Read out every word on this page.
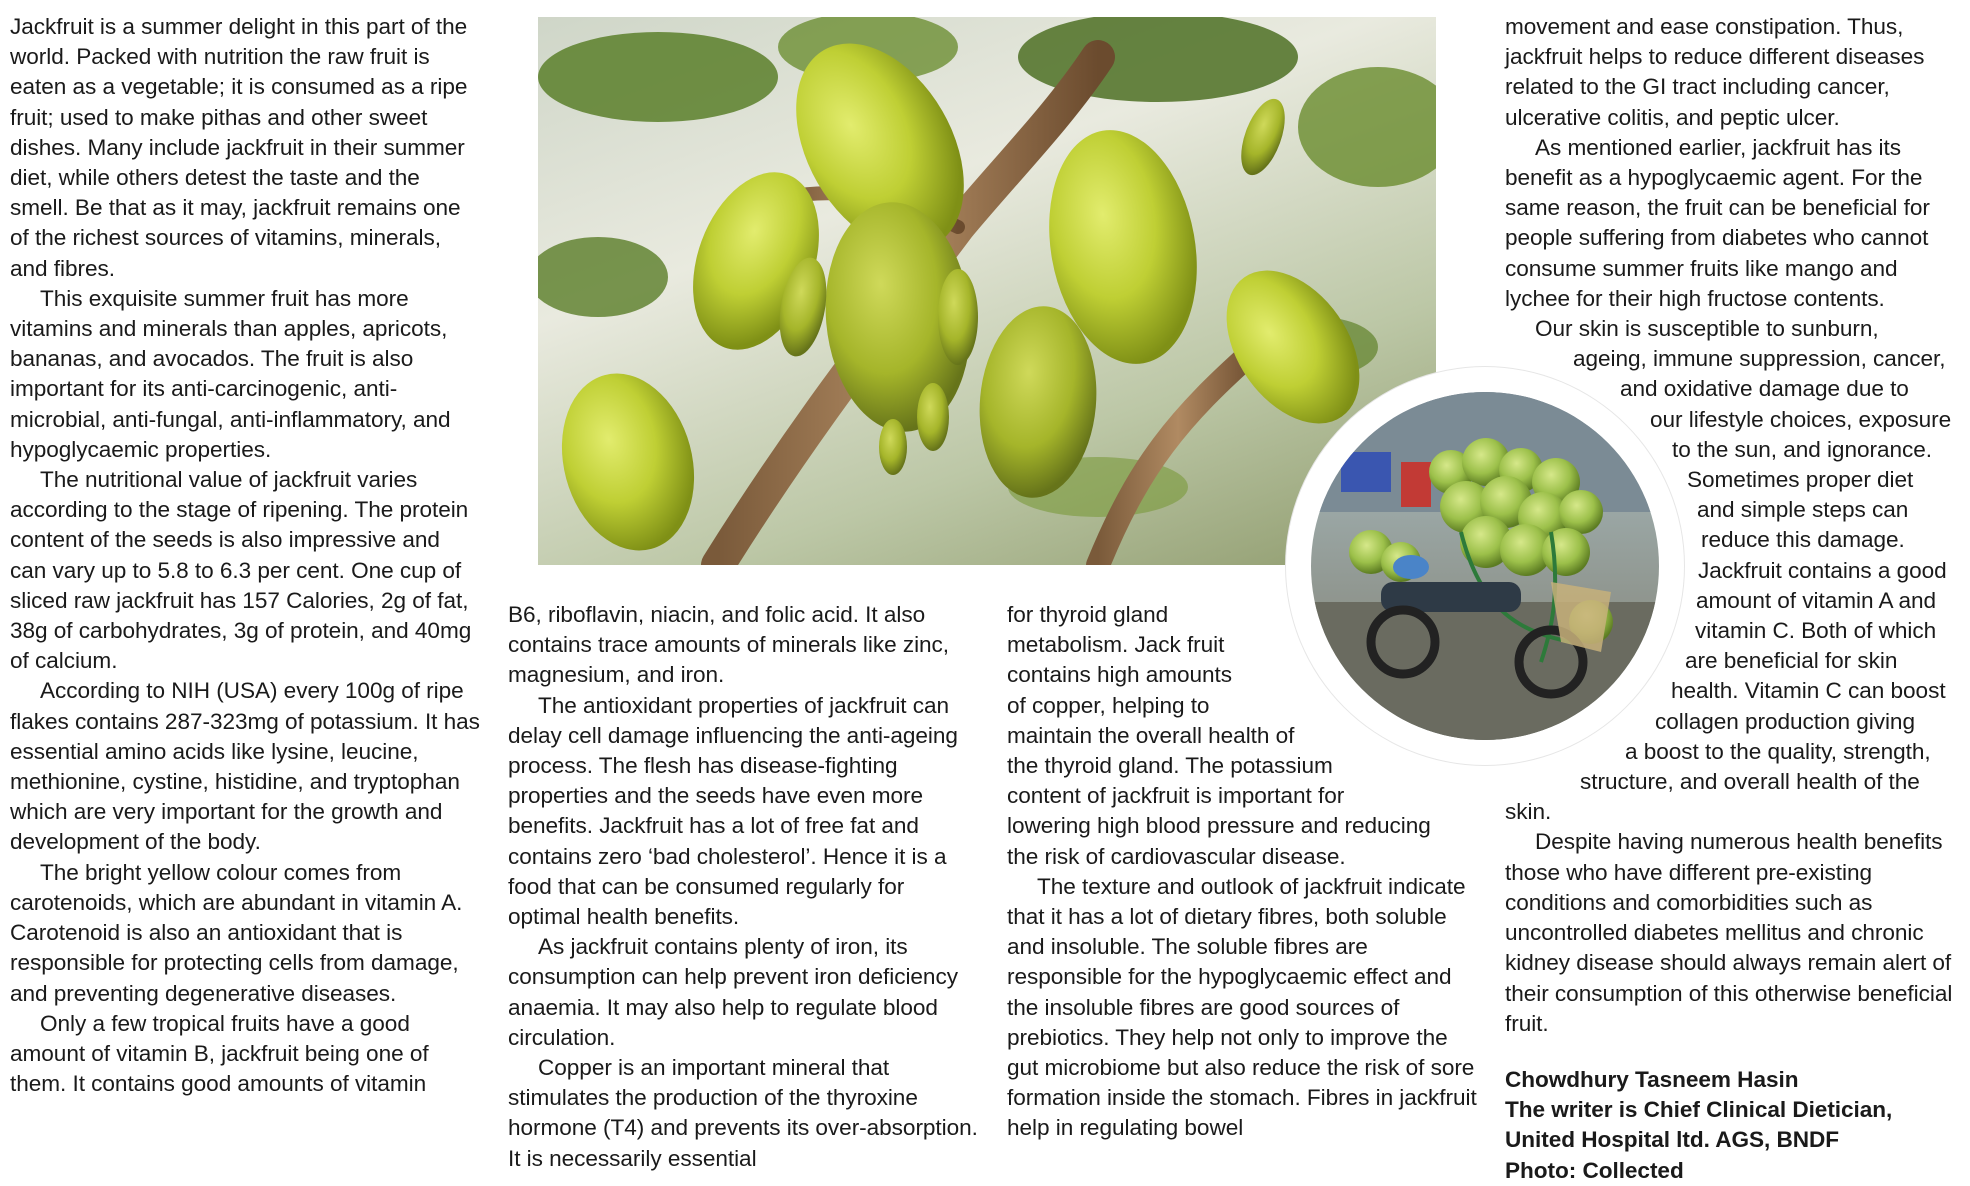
Jackfruit is a summer delight in this part of the world. Packed with nutrition the raw fruit is eaten as a vegetable; it is consumed as a ripe fruit; used to make pithas and other sweet dishes. Many include jackfruit in their summer diet, while others detest the taste and the smell. Be that as it may, jackfruit remains one of the richest sources of vitamins, minerals, and fibres.

This exquisite summer fruit has more vitamins and minerals than apples, apricots, bananas, and avocados. The fruit is also important for its anti-carcinogenic, anti-microbial, anti-fungal, anti-inflammatory, and hypoglycaemic properties.

The nutritional value of jackfruit varies according to the stage of ripening. The protein content of the seeds is also impressive and can vary up to 5.8 to 6.3 per cent. One cup of sliced raw jackfruit has 157 Calories, 2g of fat, 38g of carbohydrates, 3g of protein, and 40mg of calcium.

According to NIH (USA) every 100g of ripe flakes contains 287-323mg of potassium. It has essential amino acids like lysine, leucine, methionine, cystine, histidine, and tryptophan which are very important for the growth and development of the body.

The bright yellow colour comes from carotenoids, which are abundant in vitamin A. Carotenoid is also an antioxidant that is responsible for protecting cells from damage, and preventing degenerative diseases.

Only a few tropical fruits have a good amount of vitamin B, jackfruit being one of them. It contains good amounts of vitamin

B6, riboflavin, niacin, and folic acid. It also contains trace amounts of minerals like zinc, magnesium, and iron.

The antioxidant properties of jackfruit can delay cell damage influencing the anti-ageing process. The flesh has disease-fighting properties and the seeds have even more benefits. Jackfruit has a lot of free fat and contains zero ‘bad cholesterol’. Hence it is a food that can be consumed regularly for optimal health benefits.

As jackfruit contains plenty of iron, its consumption can help prevent iron deficiency anaemia. It may also help to regulate blood circulation.

Copper is an important mineral that stimulates the production of the thyroxine hormone (T4) and prevents its over-absorption. It is necessarily essential

for thyroid gland
metabolism. Jack fruit
contains high amounts
of copper, helping to
maintain the overall health of
the thyroid gland. The potassium
content of jackfruit is important for
lowering high blood pressure and reducing
the risk of cardiovascular disease.

The texture and outlook of jackfruit indicate that it has a lot of dietary fibres, both soluble and insoluble. The soluble fibres are responsible for the hypoglycaemic effect and the insoluble fibres are good sources of prebiotics. They help not only to improve the gut microbiome but also reduce the risk of sore formation inside the stomach. Fibres in jackfruit help in regulating bowel

movement and ease constipation. Thus, jackfruit helps to reduce different diseases related to the GI tract including cancer, ulcerative colitis, and peptic ulcer.

As mentioned earlier, jackfruit has its benefit as a hypoglycaemic agent. For the same reason, the fruit can be beneficial for people suffering from diabetes who cannot consume summer fruits like mango and lychee for their high fructose contents.

Our skin is susceptible to sunburn,
ageing, immune suppression, cancer,
and oxidative damage due to
our lifestyle choices, exposure
to the sun, and ignorance.
Sometimes proper diet
and simple steps can
reduce this damage.
Jackfruit contains a good
amount of vitamin A and
vitamin C. Both of which
are beneficial for skin
health. Vitamin C can boost
collagen production giving
a boost to the quality, strength,
structure, and overall health of the
skin.

Despite having numerous health benefits those who have different pre-existing conditions and comorbidities such as uncontrolled diabetes mellitus and chronic kidney disease should always remain alert of their consumption of this otherwise beneficial fruit.

Chowdhury Tasneem Hasin
The writer is Chief Clinical Dietician,
United Hospital ltd. AGS, BNDF
Photo: Collected
